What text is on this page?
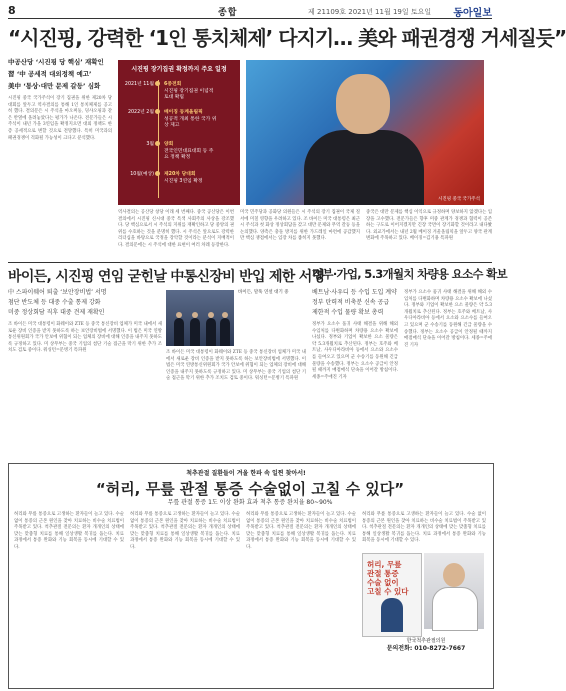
8	종합	제 21109호 2021년 11월 19일 토요일 동아일보
“시진핑, 강력한 ‘1인 통치체제’ 다지기… 美와 패권경쟁 거세질듯”
中공산당 ‘시진핑 당 핵심’ 재확인
習 ‘中 공세적 대외정책 예고’
美中 ‘통상·대만 문제 갈등’ 심화
시진핑 중국 국가주석이 장기 집권을 위한 제20차 당대회를 앞두고 역사결의를 통해 1인 통치체제를 공고히 했다. 결의문은 시 주석을 마오쩌둥, 덩샤오핑과 같은 반열에 올려놓았다는 평가가 나온다. 전문가들은 시 주석이 내년 가을 3연임을 확정지으면 대외 정책도 한층 공세적으로 변할 것으로 전망했다. 특히 미국과의 패권경쟁이 격화될 가능성이 크다고 분석했다.
시진핑 장기집권 확정까지 주요 일정
2021년 11월 6중전회
시진핑 장기집권 이념적 토대 확립
2022년 2월 베이징 동계올림픽
성공적 개최 통한 국가 위상 제고
3월 양회
전국인민대표대회 등 주요 정책 확정
10월(예상) 제20차 당대회
시진핑 3연임 확정
시진핑 중국 국가주석
역사결의는 공산당 창당 이래 세 번째다. 중국 공산당은 이번 결의에서 시진핑 신시대 중국 특색 사회주의 사상을 강조했다. 당 핵심으로서 시 주석의 지위를 재확인하고 당 중앙의 권위를 수호하는 것을 분명히 했다. 시 주석은 앞으로도 강력한 리더십을 바탕으로 국정을 장악할 것이라는 분석이 지배적이다. 결의문에는 시 주석에 대한 표현이 여러 차례 등장한다.
미국 민주당과 공화당 의원들은 시 주석의 장기 집권이 국제 질서에 미칠 영향을 우려하고 있다. 조 바이든 미국 대통령은 최근 시 주석과 첫 화상 정상회담을 갖고 대만 문제와 무역 갈등 등을 논의했다. 양측은 충돌 방지를 위한 가드레일 마련에 공감했지만 핵심 쟁점에서는 입장 차를 좁히지 못했다.
중국은 대만 문제를 핵심 이익으로 규정하며 양보하지 않겠다는 입장을 고수했다. 전문가들은 향후 미중 관계가 경쟁과 협력이 공존하는 구도로 이어지겠지만 긴장 국면이 장기화할 것이라고 내다봤다. 외교가에서는 내년 2월 베이징 겨울올림픽을 앞두고 양국 관계 변화에 주목하고 있다. 베이징=김기용 특파원
바이든, 시진핑 연임 굳힌날 中통신장비 반입 제한 서명
中 스파이웨어 퇴출 ‘보안장비법’ 서명
첨단 반도체 등 대중 수출 통제 강화
미중 정상회담 직후 대중 견제 재확인
조 바이든 미국 대통령이 화웨이와 ZTE 등 중국 통신장비 업체가 미국 내에서 새로운 장비 인증을 받지 못하도록 하는 보안장비법에 서명했다. 이 법은 미국 연방통신위원회가 국가 안보에 위협이 되는 업체의 장비에 대해 인증을 내주지 못하도록 규정하고 있다. 미 상무부는 중국 기업의 첨단 기술 접근을 막기 위한 추가 조치도 검토 중이다. 워싱턴=문병기 특파원
바이든, 말뚝 연설 대기 중
조 바이든 미국 대통령이 화웨이와 ZTE 등 중국 통신장비 업체가 미국 내에서 새로운 장비 인증을 받지 못하도록 하는 보안장비법에 서명했다. 이 법은 미국 연방통신위원회가 국가 안보에 위협이 되는 업체의 장비에 대해 인증을 내주지 못하도록 규정하고 있다. 미 상무부는 중국 기업의 첨단 기술 접근을 막기 위한 추가 조치도 검토 중이다. 워싱턴=문병기 특파원
정부·가업, 5.3개월치 차량용 요소수 확보
베트남·사우디 등 수입 도입 계약
정부 탄력적 비축분 신속 공급
제한적 수입 물량 확보 총력
정부가 요소수 품귀 사태 해결을 위해 해외 수입처를 다변화하며 차량용 요소수 확보에 나섰다. 정부와 기업이 확보한 요소 물량은 약 5.3개월치로 추산된다. 정부는 호주와 베트남, 사우디아라비아 등에서 요소와 요소수를 들여오고 있으며 군 수송기를 동원해 긴급 물량을 수송했다. 정부는 요소수 공급이 안정될 때까지 매점매석 단속을 이어갈 방침이다. 세종=주애진 기자
정부가 요소수 품귀 사태 해결을 위해 해외 수입처를 다변화하며 차량용 요소수 확보에 나섰다. 정부와 기업이 확보한 요소 물량은 약 5.3개월치로 추산된다. 정부는 호주와 베트남, 사우디아라비아 등에서 요소와 요소수를 들여오고 있으며 군 수송기를 동원해 긴급 물량을 수송했다. 정부는 요소수 공급이 안정될 때까지 매점매석 단속을 이어갈 방침이다. 세종=주애진 기자
척추관절 질환들이 겨울 한파 속 일찐 찾아서!
“허리, 무릎 관절 통증 수술없이 고칠 수 있다”
무릎 관절 통증 1도 이상 완화 효과 척추 통증 완치율 80~90%
허리와 무릎 통증으로 고생하는 환자들이 늘고 있다. 수술 없이 통증의 근본 원인을 찾아 치료하는 비수술 치료법이 주목받고 있다. 척추관절 전문의는 환자 개개인의 상태에 맞는 맞춤형 치료를 통해 일상생활 복귀를 돕는다. 치료 과정에서 통증 완화와 기능 회복을 동시에 기대할 수 있다.
허리와 무릎 통증으로 고생하는 환자들이 늘고 있다. 수술 없이 통증의 근본 원인을 찾아 치료하는 비수술 치료법이 주목받고 있다. 척추관절 전문의는 환자 개개인의 상태에 맞는 맞춤형 치료를 통해 일상생활 복귀를 돕는다. 치료 과정에서 통증 완화와 기능 회복을 동시에 기대할 수 있다.
허리와 무릎 통증으로 고생하는 환자들이 늘고 있다. 수술 없이 통증의 근본 원인을 찾아 치료하는 비수술 치료법이 주목받고 있다. 척추관절 전문의는 환자 개개인의 상태에 맞는 맞춤형 치료를 통해 일상생활 복귀를 돕는다. 치료 과정에서 통증 완화와 기능 회복을 동시에 기대할 수 있다.
허리와 무릎 통증으로 고생하는 환자들이 늘고 있다. 수술 없이 통증의 근본 원인을 찾아 치료하는 비수술 치료법이 주목받고 있다. 척추관절 전문의는 환자 개개인의 상태에 맞는 맞춤형 치료를 통해 일상생활 복귀를 돕는다. 치료 과정에서 통증 완화와 기능 회복을 동시에 기대할 수 있다.
허리, 무릎
관절 통증
수술 없이
고칠 수 있다
한국척추관절의원
문의전화: 010-8272-7667
